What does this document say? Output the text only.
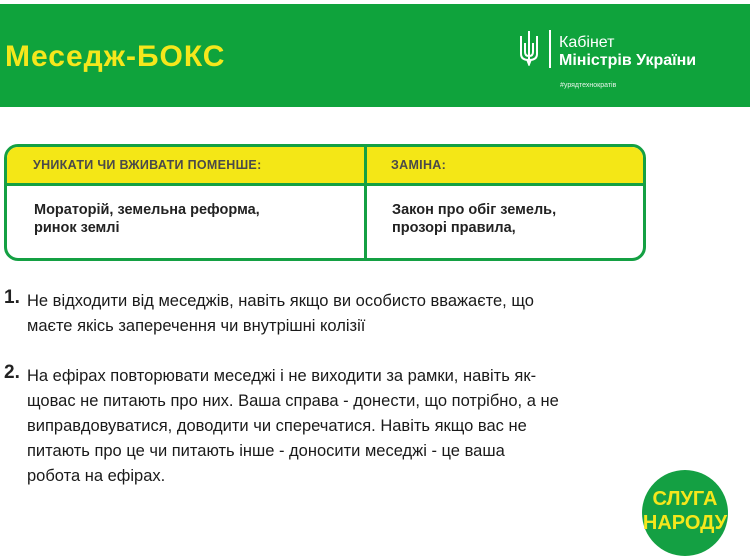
Меседж-БОКС	Кабінет
Міністрів України
#урядтехнократів
УНИКАТИ ЧИ ВЖИВАТИ ПОМЕНШЕ:	ЗАМІНА:
Мораторій, земельна реформа,
ринок землі
Закон про обіг земель,
прозорі правила,
1. Не відходити від меседжів, навіть якщо ви особисто вважаєте, що
маєте якісь заперечення чи внутрішні колізії
2. На ефірах повторювати меседжі і не виходити за рамки, навіть як-
щовас не питають про них. Ваша справа - донести, що потрібно, а не
виправдовуватися, доводити чи сперечатися. Навіть якщо вас не
питають про це чи питають інше - доносити меседжі - це ваша
робота на ефірах.
СЛУГА
НАРОДУ
